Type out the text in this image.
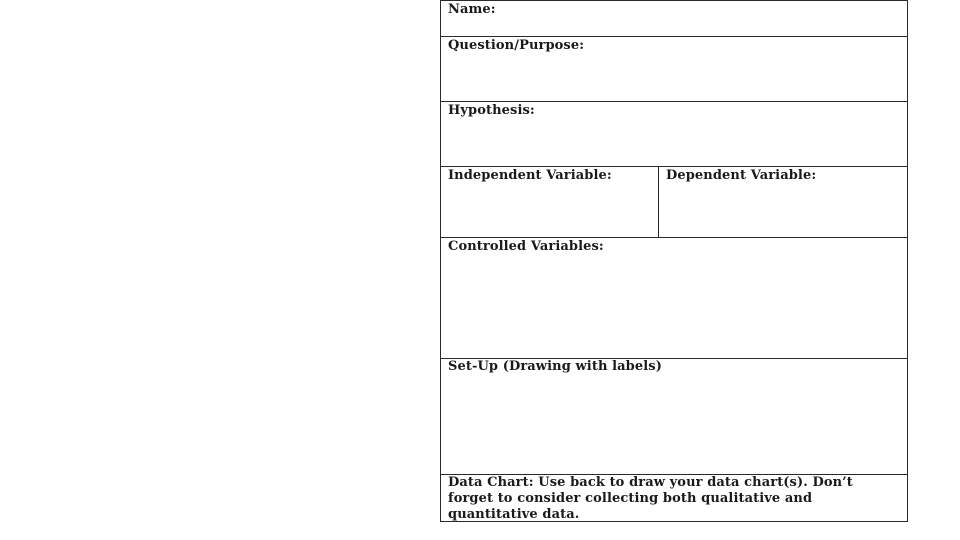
Name:
Question/Purpose:
Hypothesis:
Independent Variable:	Dependent Variable:
Controlled Variables:
Set-Up (Drawing with labels)
Data Chart: Use back to draw your data chart(s). Don’t forget to consider collecting both qualitative and quantitative data.
